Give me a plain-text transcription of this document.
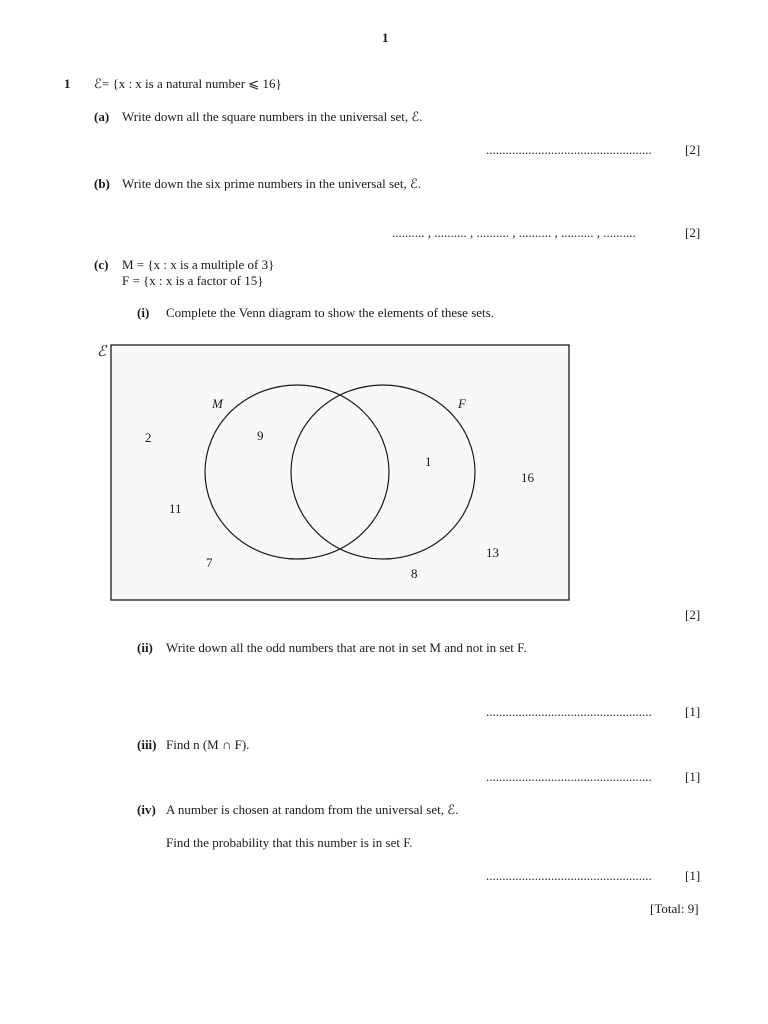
1
1 ℰ= {x : x is a natural number ⩽ 16}
(a) Write down all the square numbers in the universal set, ℰ.
...................................................	[2]
(b) Write down the six prime numbers in the universal set, ℰ.
.......... , .......... , .......... , .......... , .......... , ..........	[2]
(c) M = {x : x is a multiple of 3}
F = {x : x is a factor of 15}
(i) Complete the Venn diagram to show the elements of these sets.
ℰ
M	F
2	9
1
16
11
13
7
8
[2]
(ii) Write down all the odd numbers that are not in set M and not in set F.
...................................................	[1]
(iii) Find n (M ∩ F).
...................................................	[1]
(iv) A number is chosen at random from the universal set, ℰ.
Find the probability that this number is in set F.
...................................................	[1]
[Total: 9]
